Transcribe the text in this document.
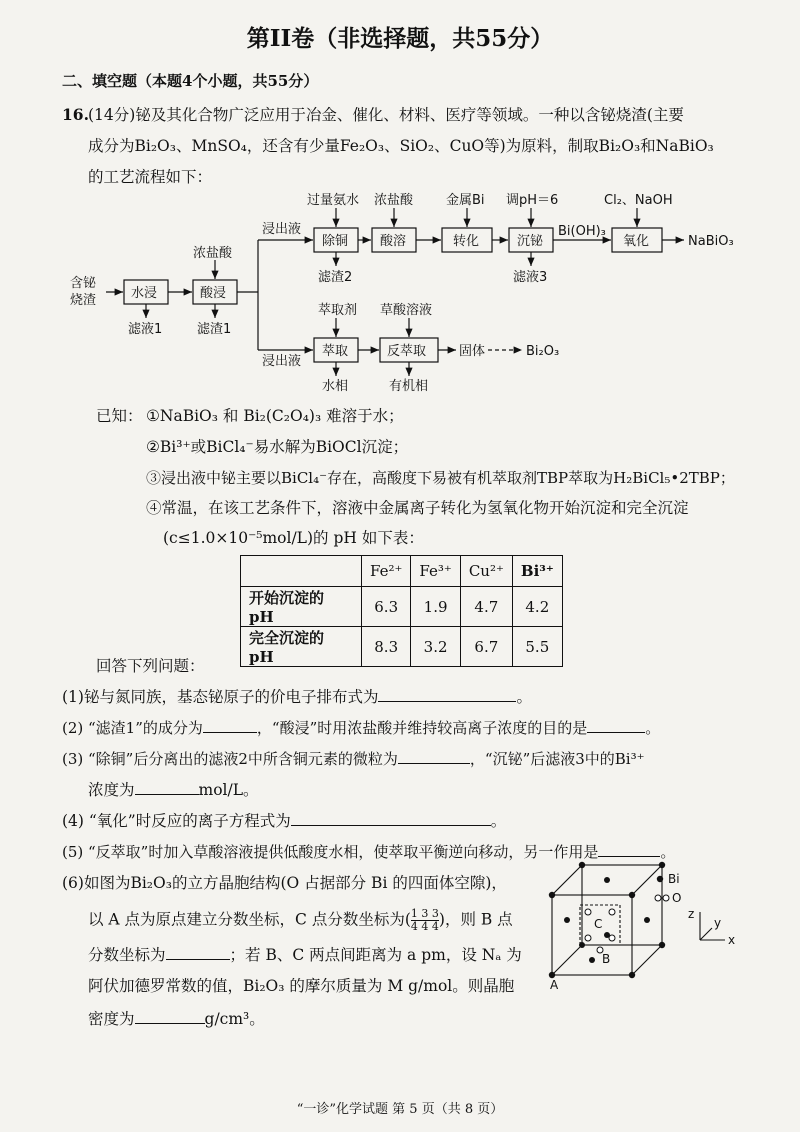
第II卷（非选择题，共55分）
二、填空题（本题4个小题，共55分）
16. (14分)铋及其化合物广泛应用于冶金、催化、材料、医疗等领域。一种以含铋烧渣(主要
成分为Bi₂O₃、MnSO₄，还含有少量Fe₂O₃、SiO₂、CuO等)为原料，制取Bi₂O₃和NaBiO₃
的工艺流程如下：
含铋
烧渣	水浸
滤液1
浓盐酸
酸浸
滤渣1
浸出液
浸出液
过量氨水
除铜
滤渣2
浓盐酸
酸溶
金属Bi
转化
调pH＝6
沉铋
滤液3
Bi(OH)₃
Cl₂、NaOH
氧化	NaBiO₃
萃取剂
萃取
水相
草酸溶液
反萃取
有机相
固体	Bi₂O₃
已知： ①NaBiO₃ 和 Bi₂(C₂O₄)₃ 难溶于水；
②Bi³⁺或BiCl₄⁻易水解为BiOCl沉淀；
③浸出液中铋主要以BiCl₄⁻存在，高酸度下易被有机萃取剂TBP萃取为H₂BiCl₅•2TBP；
④常温，在该工艺条件下，溶液中金属离子转化为氢氧化物开始沉淀和完全沉淀
(c≤1.0×10⁻⁵mol/L)的 pH 如下表：
	Fe²⁺	Fe³⁺	Cu²⁺	Bi³⁺
开始沉淀的 pH	6.3	1.9	4.7	4.2
完全沉淀的 pH	8.3	3.2	6.7	5.5
回答下列问题：
(1)铋与氮同族，基态铋原子的价电子排布式为	。
(2) “滤渣1”的成分为	，“酸浸”时用浓盐酸并维持较高离子浓度的目的是	。
(3) “除铜”后分离出的滤液2中所含铜元素的微粒为	，“沉铋”后滤液3中的Bi³⁺
浓度为	mol/L。
(4) “氧化”时反应的离子方程式为	。
(5) “反萃取”时加入草酸溶液提供低酸度水相，使萃取平衡逆向移动，另一作用是	。
(6)如图为Bi₂O₃的立方晶胞结构(O 占据部分 Bi 的四面体空隙)，
以 A 点为原点建立分数坐标，C 点分数坐标为( $\frac{1 3 3}{4 4 4}$ )，则 B 点
分数坐标为	；若 B、C 两点间距离为 a pm，设 Nₐ 为
阿伏加德罗常数的值，Bi₂O₃ 的摩尔质量为 M g/mol。则晶胞
密度为	g/cm³。
Bi
O
A
B
C
z
y
x
“一诊”化学试题 第 5 页（共 8 页）
